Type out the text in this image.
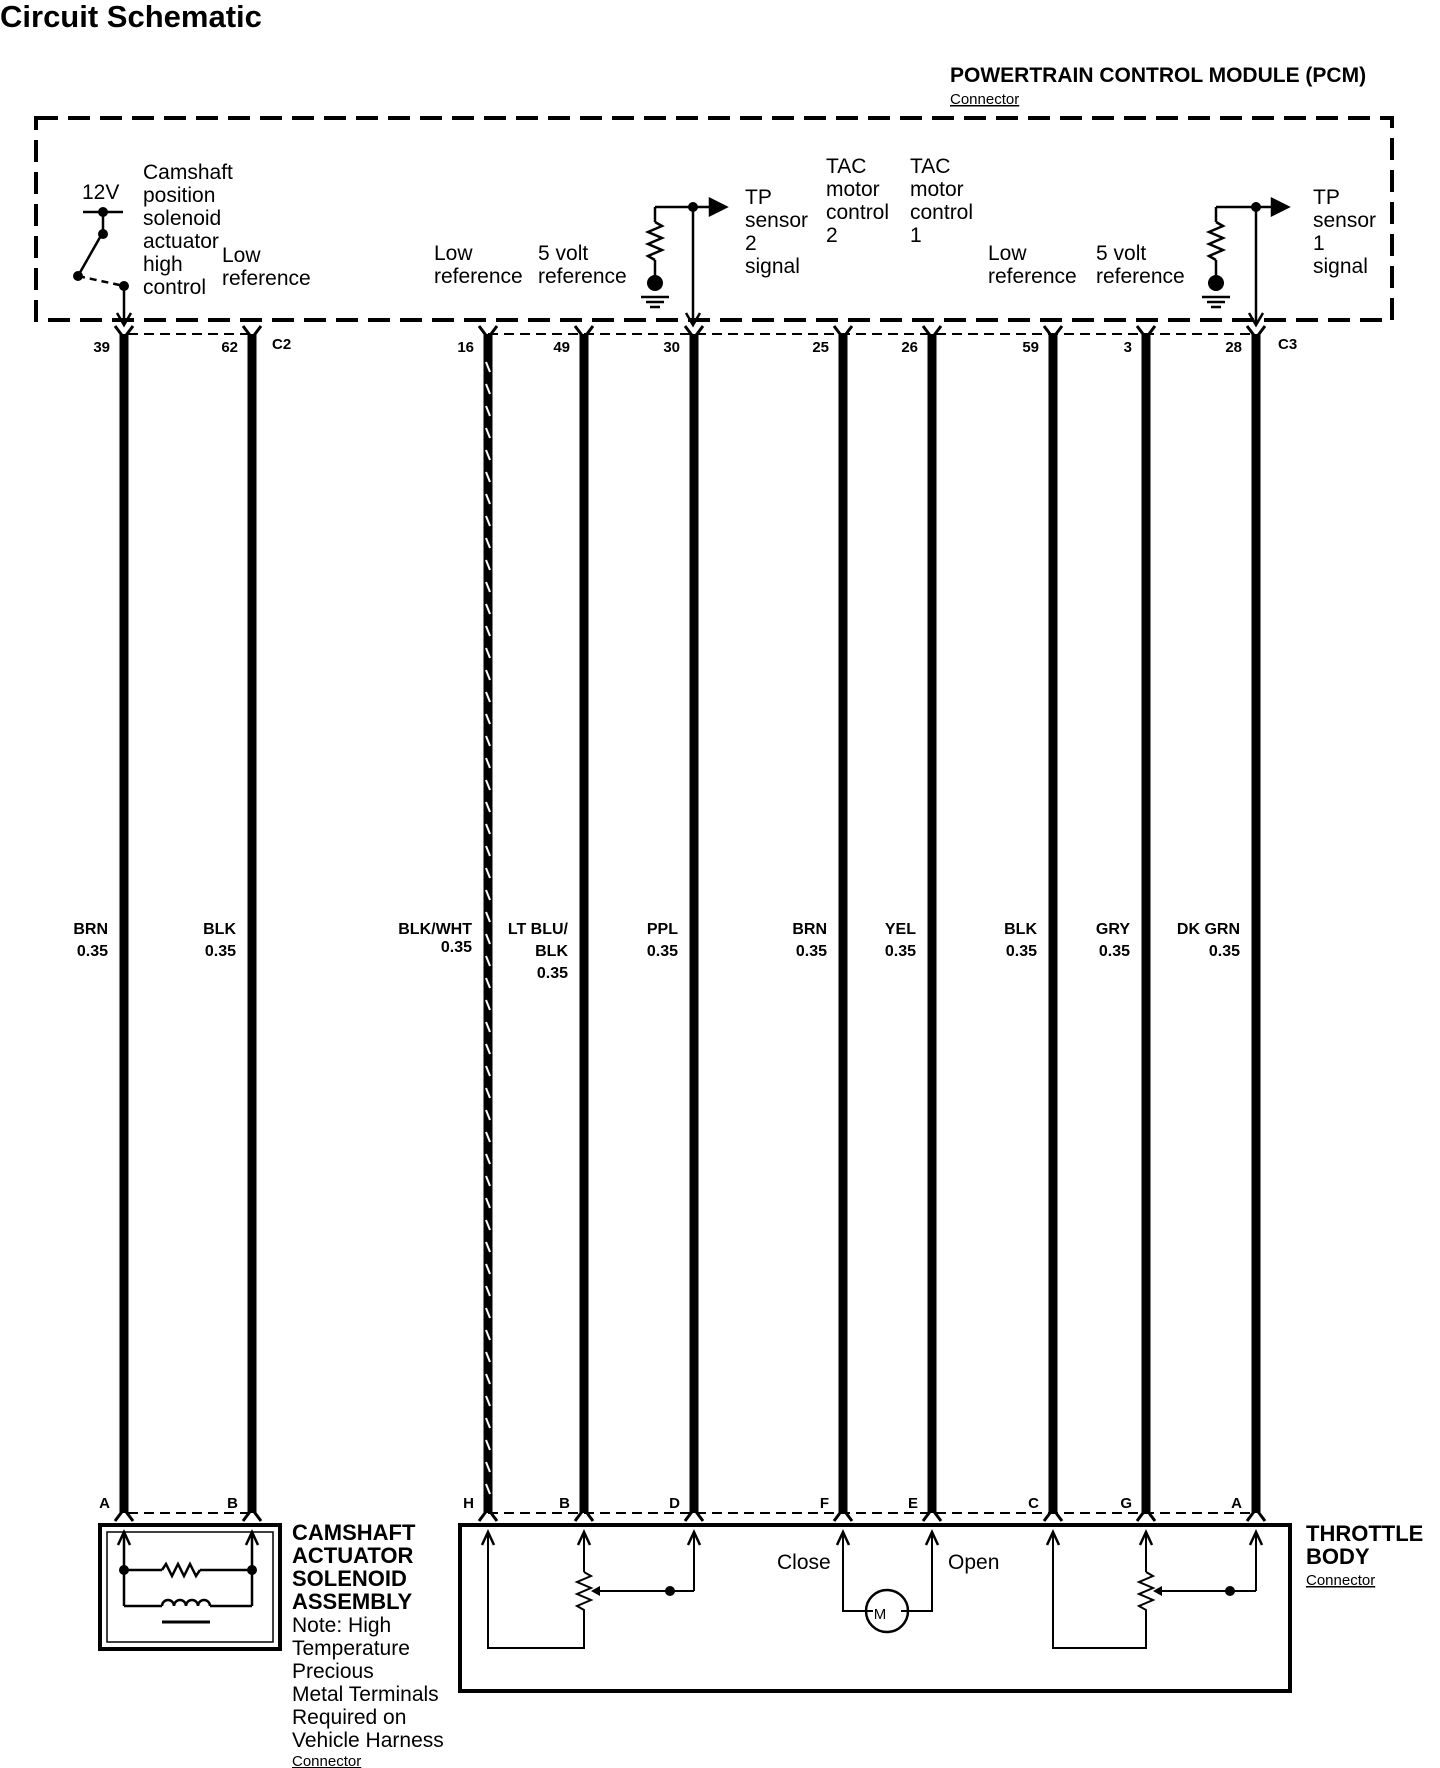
Circuit Schematic
POWERTRAIN CONTROL MODULE (PCM)
Connector
12V
Camshaft position solenoid actuator high control
Low reference
Low reference
5 volt reference
TP sensor 2 signal
TAC motor control 2
TAC motor control 1
Low reference
5 volt reference
TP sensor 1 signal
C2	C3
39
A
BRN
0.35
62
B
BLK
0.35
16
H
BLK/WHT
0.35
49
B
LT BLU/
BLK
0.35
30
D
PPL
0.35
25
F
BRN
0.35
26
E
YEL
0.35
59
C
BLK
0.35
3
G
GRY
0.35
28
A
DK GRN
0.35
CAMSHAFT
ACTUATOR
SOLENOID
ASSEMBLY
Note: High
Temperature
Precious
Metal Terminals
Required on
Vehicle Harness
Connector
M
Close	Open
THROTTLE
BODY
Connector
